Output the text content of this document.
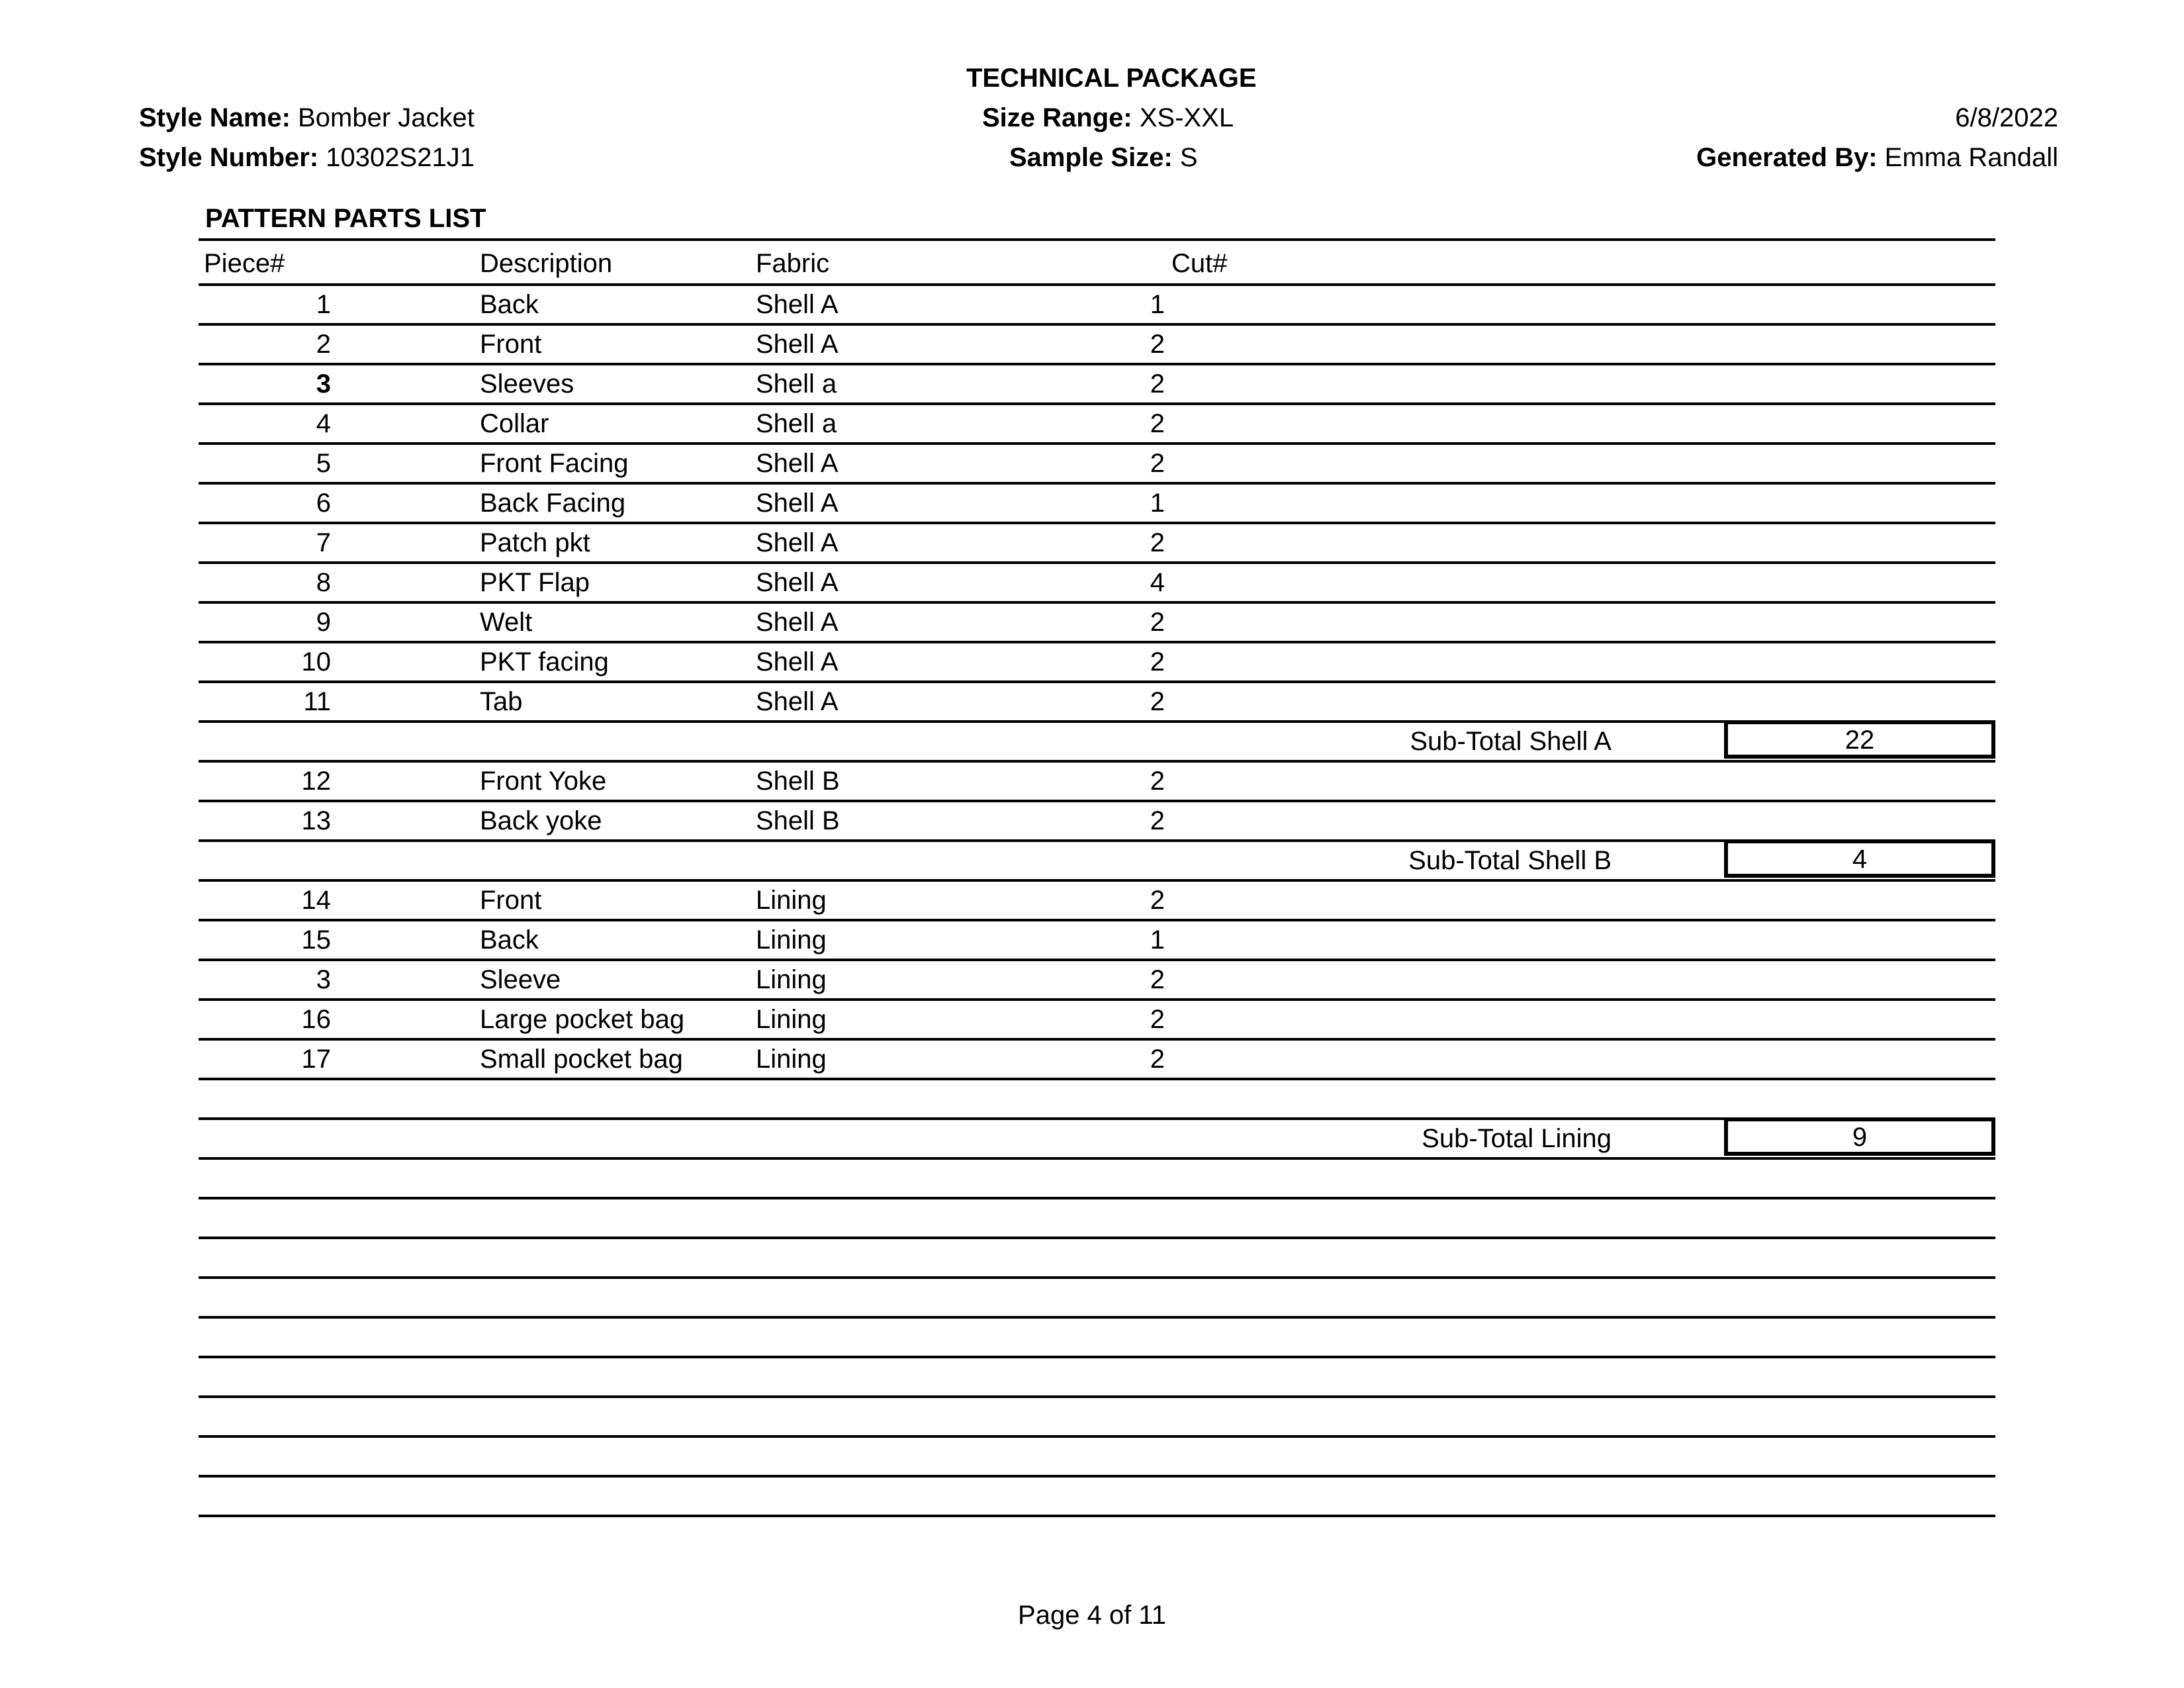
TECHNICAL PACKAGE
Style Name: Bomber Jacket
Style Number: 10302S21J1
Size Range: XS-XXL
Sample Size: S
6/8/2022
Generated By: Emma Randall
PATTERN PARTS LIST
Piece#	Description	Fabric	Cut#
1	Back	Shell A	1
2	Front	Shell A	2
3	Sleeves	Shell a	2
4	Collar	Shell a	2
5	Front Facing	Shell A	2
6	Back Facing	Shell A	1
7	Patch pkt	Shell A	2
8	PKT Flap	Shell A	4
9	Welt	Shell A	2
10	PKT facing	Shell A	2
11	Tab	Shell A	2
Sub-Total Shell A	22
12	Front Yoke	Shell B	2
13	Back yoke	Shell B	2
Sub-Total Shell B	4
14	Front	Lining	2
15	Back	Lining	1
3	Sleeve	Lining	2
16	Large pocket bag	Lining	2
17	Small pocket bag	Lining	2
Sub-Total Lining	9
Page 4 of 11
